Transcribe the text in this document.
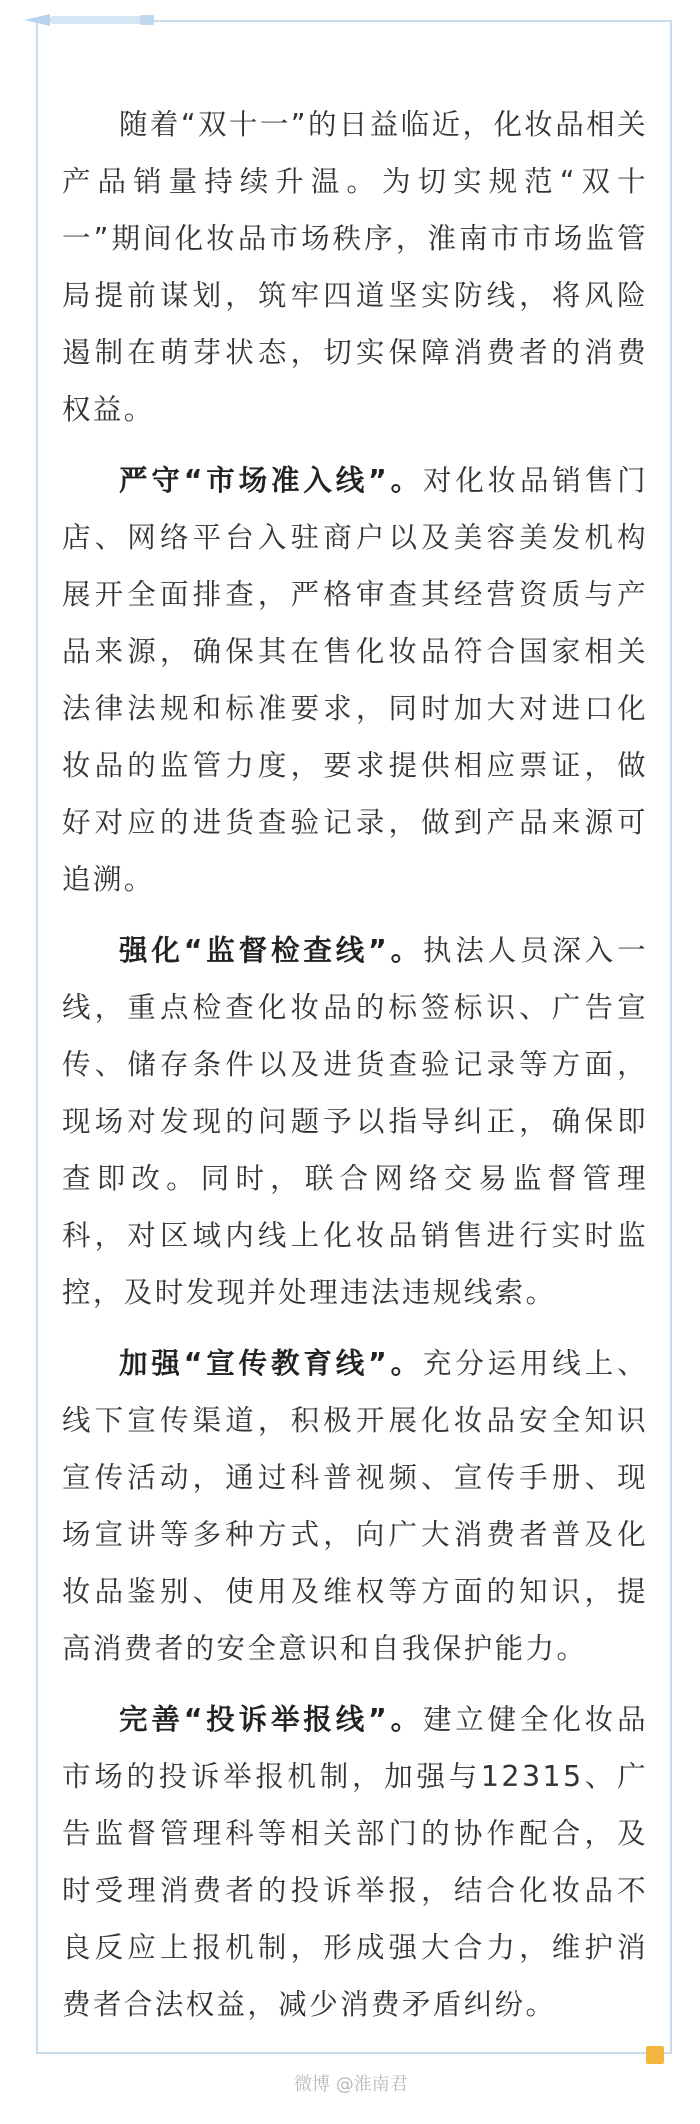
随着“双十一”的日益临近，化妆品相关产品销量持续升温。为切实规范“双十一”期间化妆品市场秩序，淮南市市场监管局提前谋划，筑牢四道坚实防线，将风险遏制在萌芽状态，切实保障消费者的消费权益。

严守“市场准入线”。对化妆品销售门店、网络平台入驻商户以及美容美发机构展开全面排查，严格审查其经营资质与产品来源，确保其在售化妆品符合国家相关法律法规和标准要求，同时加大对进口化妆品的监管力度，要求提供相应票证，做好对应的进货查验记录，做到产品来源可追溯。

强化“监督检查线”。执法人员深入一线，重点检查化妆品的标签标识、广告宣传、储存条件以及进货查验记录等方面，现场对发现的问题予以指导纠正，确保即查即改。同时，联合网络交易监督管理科，对区域内线上化妆品销售进行实时监控，及时发现并处理违法违规线索。

加强“宣传教育线”。充分运用线上、线下宣传渠道，积极开展化妆品安全知识宣传活动，通过科普视频、宣传手册、现场宣讲等多种方式，向广大消费者普及化妆品鉴别、使用及维权等方面的知识，提高消费者的安全意识和自我保护能力。

完善“投诉举报线”。建立健全化妆品市场的投诉举报机制，加强与12315、广告监督管理科等相关部门的协作配合，及时受理消费者的投诉举报，结合化妆品不良反应上报机制，形成强大合力，维护消费者合法权益，减少消费矛盾纠纷。

微博 @淮南君
